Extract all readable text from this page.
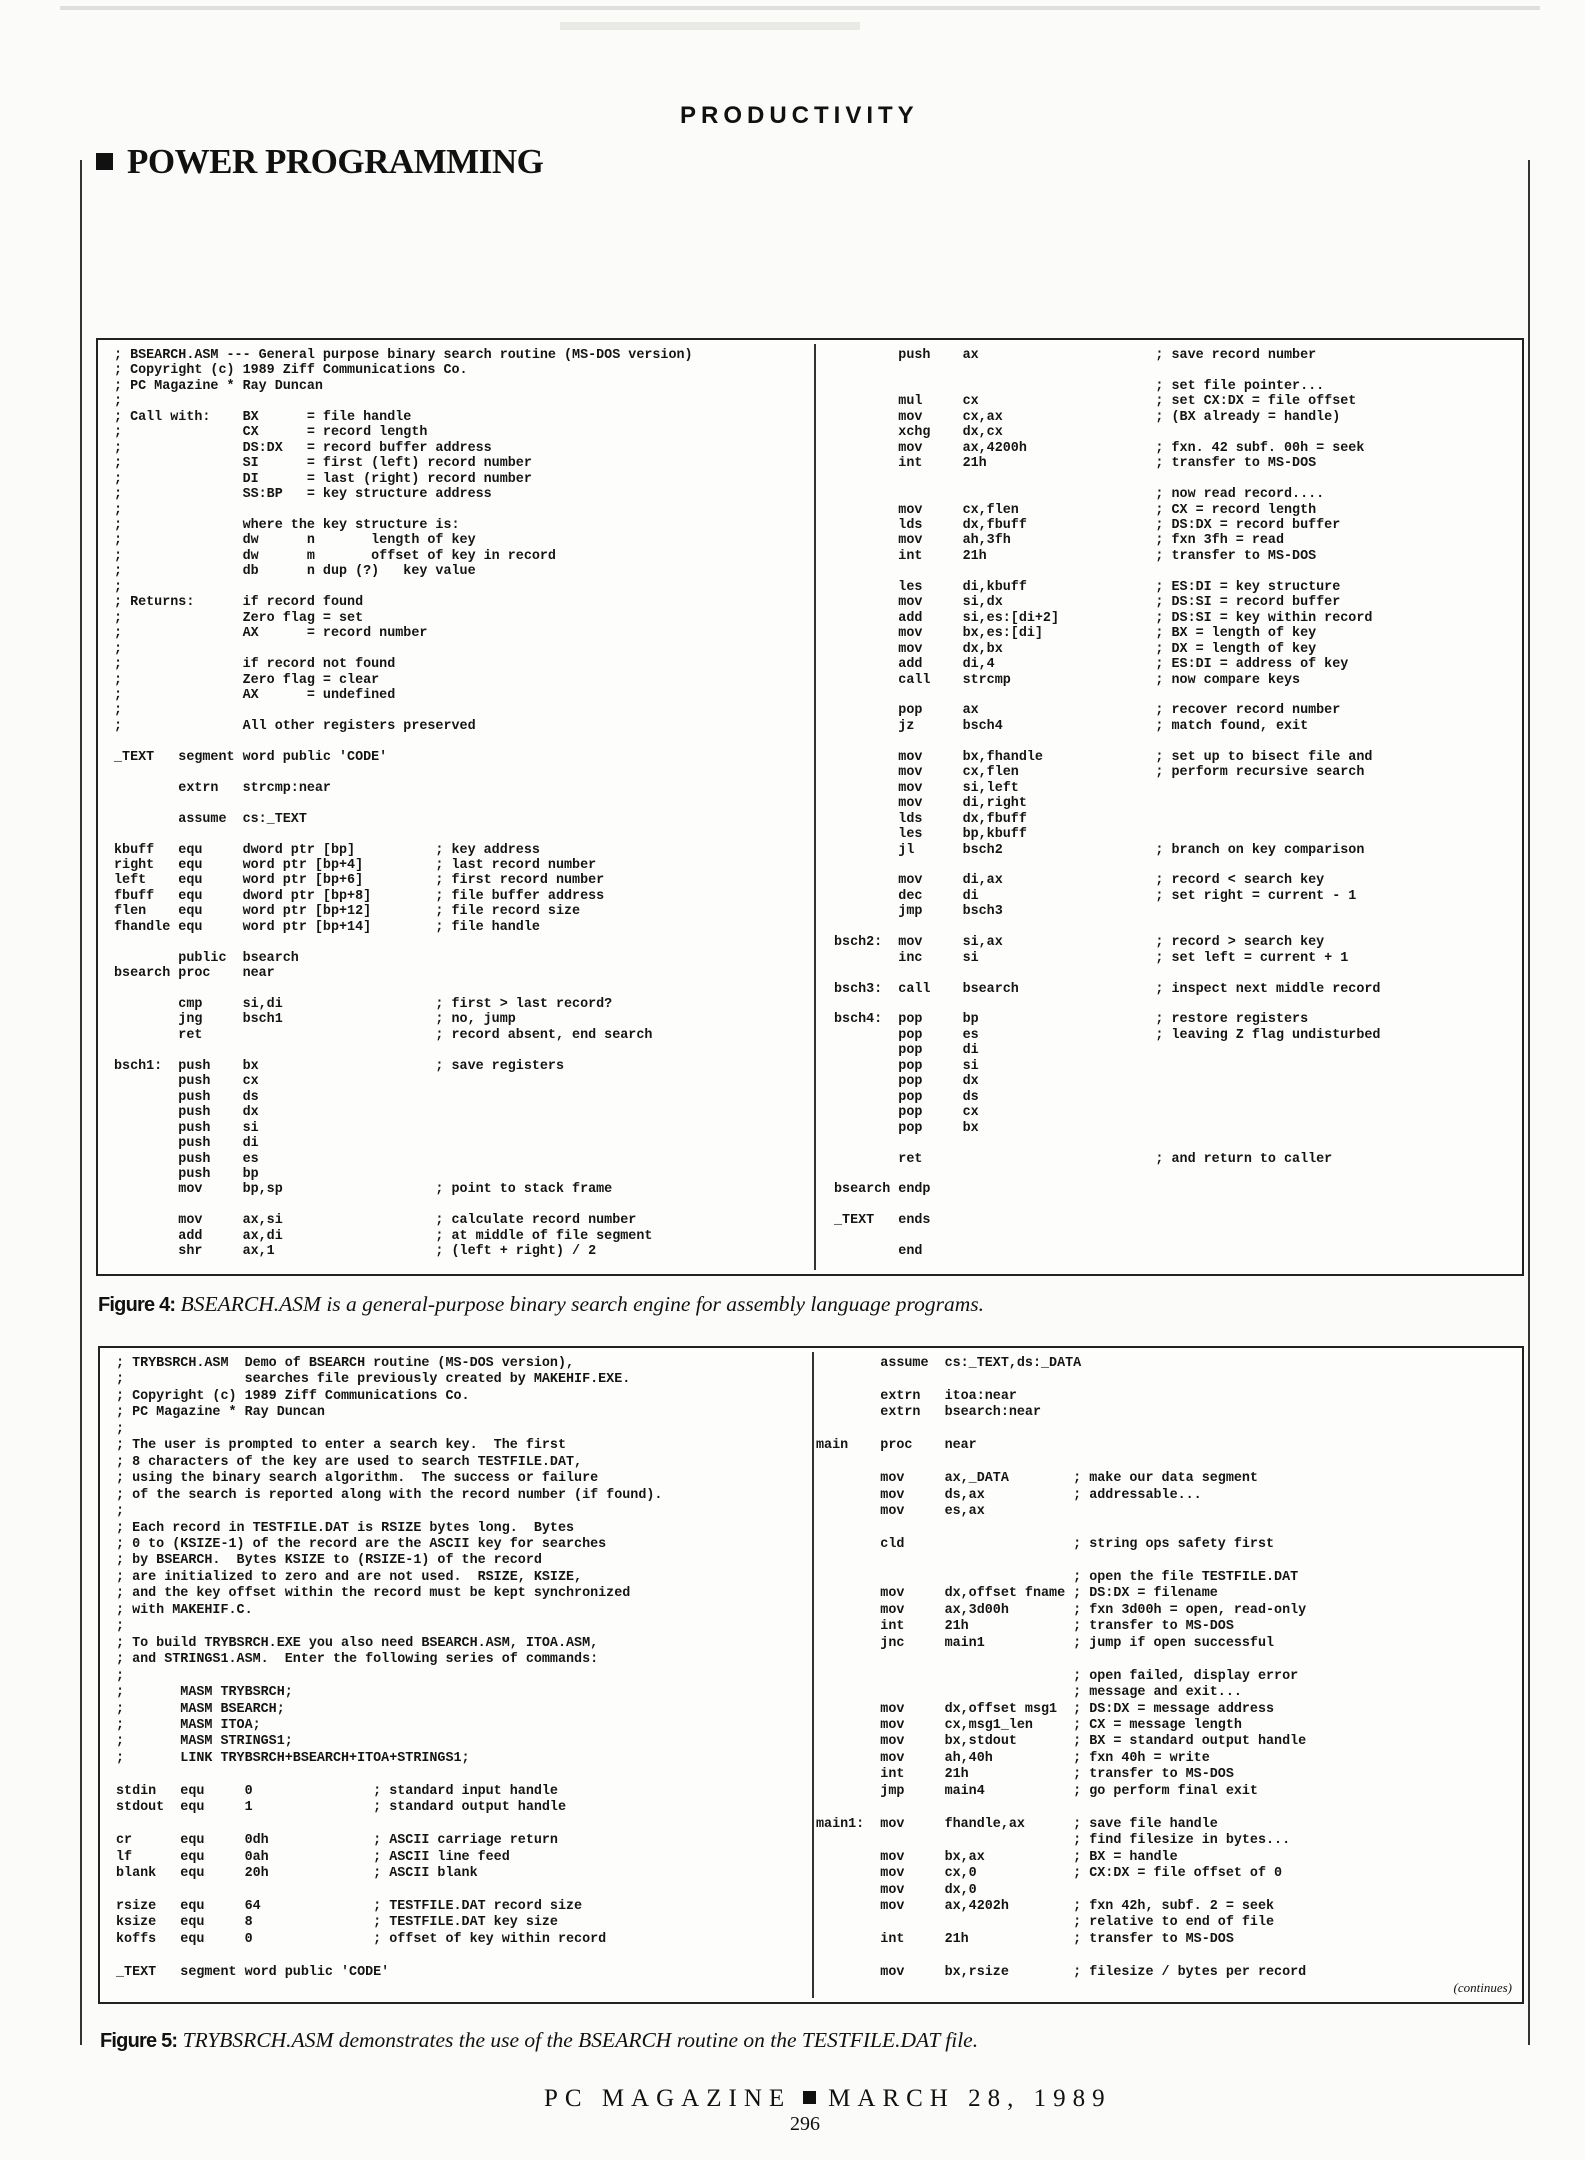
PRODUCTIVITY
POWER PROGRAMMING
; BSEARCH.ASM --- General purpose binary search routine (MS-DOS version)
; Copyright (c) 1989 Ziff Communications Co.
; PC Magazine * Ray Duncan
;
; Call with:    BX      = file handle
;               CX      = record length
;               DS:DX   = record buffer address
;               SI      = first (left) record number
;               DI      = last (right) record number
;               SS:BP   = key structure address
;
;               where the key structure is:
;               dw      n       length of key
;               dw      m       offset of key in record
;               db      n dup (?)   key value
;
; Returns:      if record found
;               Zero flag = set
;               AX      = record number
;
;               if record not found
;               Zero flag = clear
;               AX      = undefined
;
;               All other registers preserved

_TEXT   segment word public 'CODE'

extrn   strcmp:near

assume  cs:_TEXT

kbuff   equ     dword ptr [bp]          ; key address
right   equ     word ptr [bp+4]         ; last record number
left    equ     word ptr [bp+6]         ; first record number
fbuff   equ     dword ptr [bp+8]        ; file buffer address
flen    equ     word ptr [bp+12]        ; file record size
fhandle equ     word ptr [bp+14]        ; file handle

public  bsearch
bsearch proc    near

cmp     si,di                   ; first > last record?
jng     bsch1                   ; no, jump
ret                             ; record absent, end search

bsch1:  push    bx                      ; save registers
push    cx
push    ds
push    dx
push    si
push    di
push    es
push    bp
mov     bp,sp                   ; point to stack frame

mov     ax,si                   ; calculate record number
add     ax,di                   ; at middle of file segment
shr     ax,1                    ; (left + right) / 2
push    ax                      ; save record number

; set file pointer...
mul     cx                      ; set CX:DX = file offset
mov     cx,ax                   ; (BX already = handle)
xchg    dx,cx
mov     ax,4200h                ; fxn. 42 subf. 00h = seek
int     21h                     ; transfer to MS-DOS

; now read record....
mov     cx,flen                 ; CX = record length
lds     dx,fbuff                ; DS:DX = record buffer
mov     ah,3fh                  ; fxn 3fh = read
int     21h                     ; transfer to MS-DOS

les     di,kbuff                ; ES:DI = key structure
mov     si,dx                   ; DS:SI = record buffer
add     si,es:[di+2]            ; DS:SI = key within record
mov     bx,es:[di]              ; BX = length of key
mov     dx,bx                   ; DX = length of key
add     di,4                    ; ES:DI = address of key
call    strcmp                  ; now compare keys

pop     ax                      ; recover record number
jz      bsch4                   ; match found, exit

mov     bx,fhandle              ; set up to bisect file and
mov     cx,flen                 ; perform recursive search
mov     si,left
mov     di,right
lds     dx,fbuff
les     bp,kbuff
jl      bsch2                   ; branch on key comparison

mov     di,ax                   ; record < search key
dec     di                      ; set right = current - 1
jmp     bsch3

bsch2:  mov     si,ax                   ; record > search key
inc     si                      ; set left = current + 1

bsch3:  call    bsearch                 ; inspect next middle record

bsch4:  pop     bp                      ; restore registers
pop     es                      ; leaving Z flag undisturbed
pop     di
pop     si
pop     dx
pop     ds
pop     cx
pop     bx

ret                             ; and return to caller

bsearch endp

_TEXT   ends

end
Figure 4: BSEARCH.ASM is a general-purpose binary search engine for assembly language programs.
; TRYBSRCH.ASM  Demo of BSEARCH routine (MS-DOS version),
;               searches file previously created by MAKEHIF.EXE.
; Copyright (c) 1989 Ziff Communications Co.
; PC Magazine * Ray Duncan
;
; The user is prompted to enter a search key.  The first
; 8 characters of the key are used to search TESTFILE.DAT,
; using the binary search algorithm.  The success or failure
; of the search is reported along with the record number (if found).
;
; Each record in TESTFILE.DAT is RSIZE bytes long.  Bytes
; 0 to (KSIZE-1) of the record are the ASCII key for searches
; by BSEARCH.  Bytes KSIZE to (RSIZE-1) of the record
; are initialized to zero and are not used.  RSIZE, KSIZE,
; and the key offset within the record must be kept synchronized
; with MAKEHIF.C.
;
; To build TRYBSRCH.EXE you also need BSEARCH.ASM, ITOA.ASM,
; and STRINGS1.ASM.  Enter the following series of commands:
;
;       MASM TRYBSRCH;
;       MASM BSEARCH;
;       MASM ITOA;
;       MASM STRINGS1;
;       LINK TRYBSRCH+BSEARCH+ITOA+STRINGS1;

stdin   equ     0               ; standard input handle
stdout  equ     1               ; standard output handle

cr      equ     0dh             ; ASCII carriage return
lf      equ     0ah             ; ASCII line feed
blank   equ     20h             ; ASCII blank

rsize   equ     64              ; TESTFILE.DAT record size
ksize   equ     8               ; TESTFILE.DAT key size
koffs   equ     0               ; offset of key within record

_TEXT   segment word public 'CODE'
assume  cs:_TEXT,ds:_DATA

extrn   itoa:near
extrn   bsearch:near

main    proc    near

mov     ax,_DATA        ; make our data segment
mov     ds,ax           ; addressable...
mov     es,ax

cld                     ; string ops safety first

; open the file TESTFILE.DAT
mov     dx,offset fname ; DS:DX = filename
mov     ax,3d00h        ; fxn 3d00h = open, read-only
int     21h             ; transfer to MS-DOS
jnc     main1           ; jump if open successful

; open failed, display error
; message and exit...
mov     dx,offset msg1  ; DS:DX = message address
mov     cx,msg1_len     ; CX = message length
mov     bx,stdout       ; BX = standard output handle
mov     ah,40h          ; fxn 40h = write
int     21h             ; transfer to MS-DOS
jmp     main4           ; go perform final exit

main1:  mov     fhandle,ax      ; save file handle
; find filesize in bytes...
mov     bx,ax           ; BX = handle
mov     cx,0            ; CX:DX = file offset of 0
mov     dx,0
mov     ax,4202h        ; fxn 42h, subf. 2 = seek
; relative to end of file
int     21h             ; transfer to MS-DOS

mov     bx,rsize        ; filesize / bytes per record
(continues)
Figure 5: TRYBSRCH.ASM demonstrates the use of the BSEARCH routine on the TESTFILE.DAT file.
PC MAGAZINE MARCH 28, 1989
296
